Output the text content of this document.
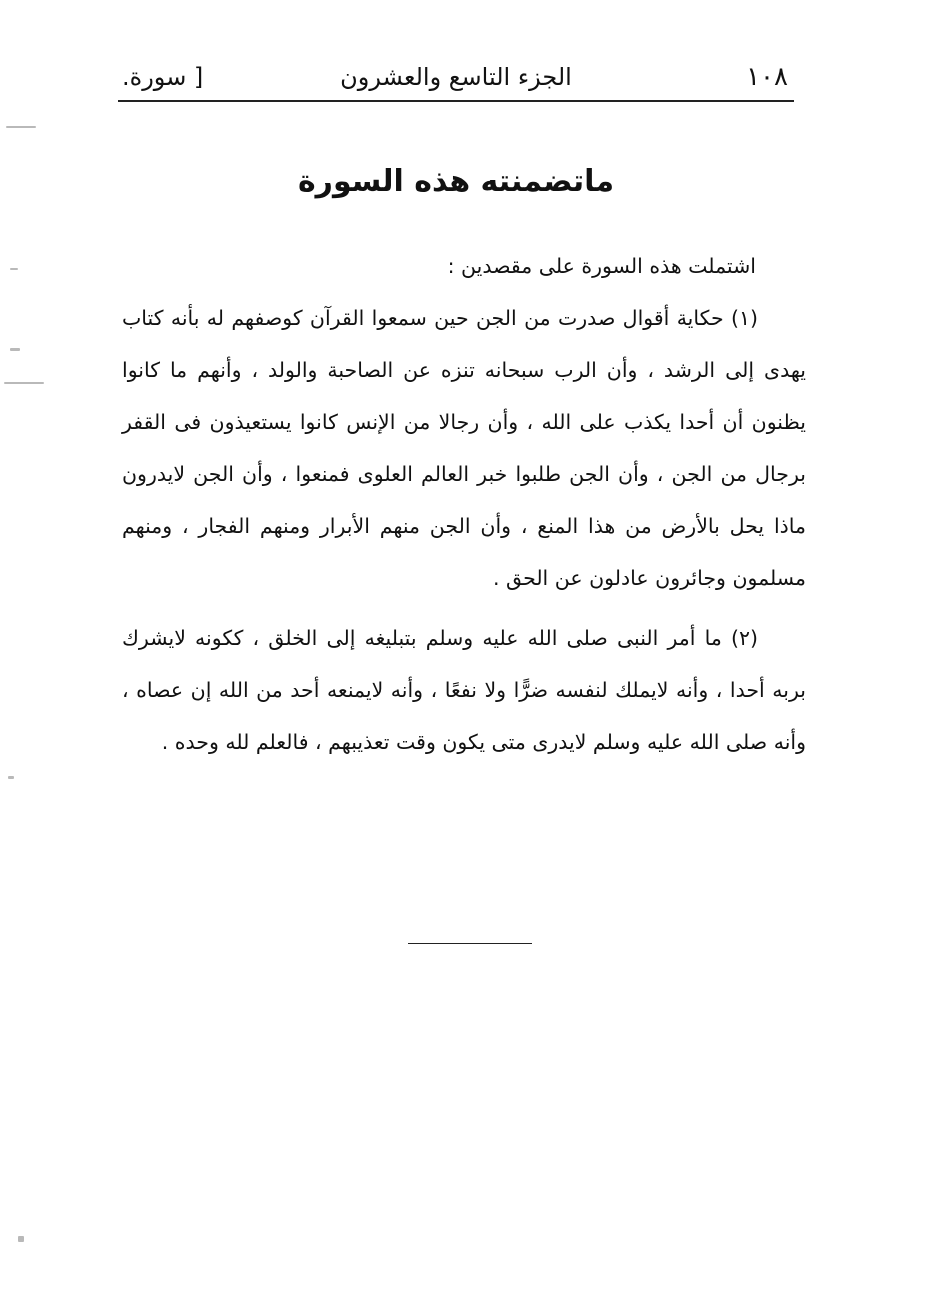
١٠٨
الجزء التاسع والعشرون
[ سورة.
ماتضمنته هذه السورة

اشتملت هذه السورة على مقصدين :

(١) حكاية أقوال صدرت من الجن حين سمعوا القرآن كوصفهم له بأنه كتاب يهدى إلى الرشد ، وأن الرب سبحانه تنزه عن الصاحبة والولد ، وأنهم ما كانوا يظنون أن أحدا يكذب على الله ، وأن رجالا من الإنس كانوا يستعيذون فى القفر برجال من الجن ، وأن الجن طلبوا خبر العالم العلوى فمنعوا ، وأن الجن لايدرون ماذا يحل بالأرض من هذا المنع ، وأن الجن منهم الأبرار ومنهم الفجار ، ومنهم مسلمون وجائرون عادلون عن الحق .

(٢) ما أمر النبى صلى الله عليه وسلم بتبليغه إلى الخلق ، ككونه لايشرك بربه أحدا ، وأنه لايملك لنفسه ضرًّا ولا نفعًا ، وأنه لايمنعه أحد من الله إن عصاه ، وأنه صلى الله عليه وسلم لايدرى متى يكون وقت تعذيبهم ، فالعلم لله وحده .
